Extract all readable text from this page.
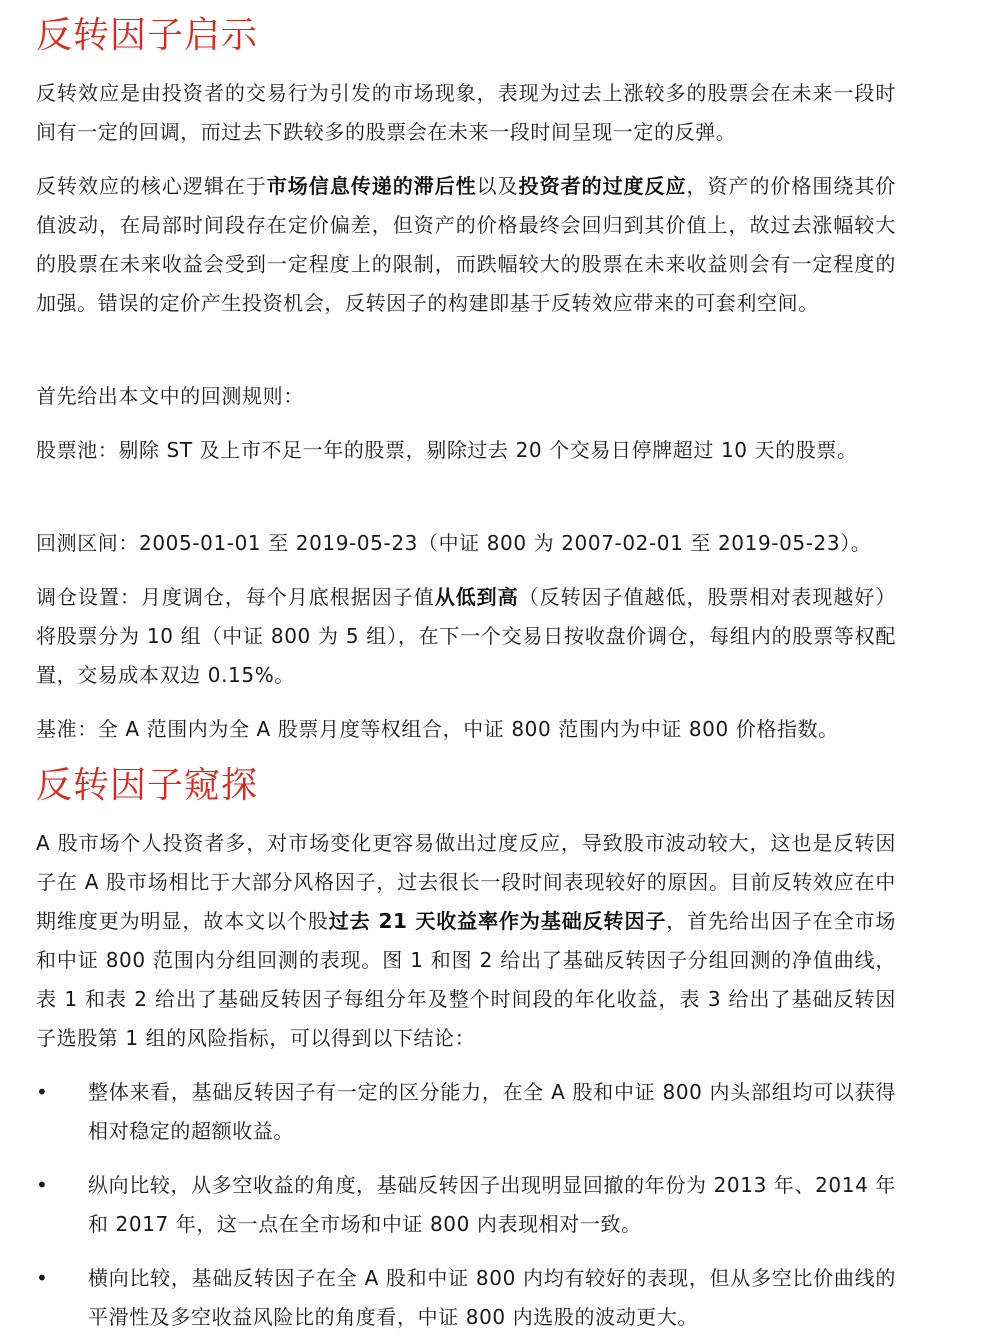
反转因子启示

反转效应是由投资者的交易行为引发的市场现象，表现为过去上涨较多的股票会在未来一段时间有一定的回调，而过去下跌较多的股票会在未来一段时间呈现一定的反弹。

反转效应的核心逻辑在于市场信息传递的滞后性以及投资者的过度反应，资产的价格围绕其价值波动，在局部时间段存在定价偏差，但资产的价格最终会回归到其价值上，故过去涨幅较大的股票在未来收益会受到一定程度上的限制，而跌幅较大的股票在未来收益则会有一定程度的加强。错误的定价产生投资机会，反转因子的构建即基于反转效应带来的可套利空间。

首先给出本文中的回测规则：

股票池：剔除 ST 及上市不足一年的股票，剔除过去 20 个交易日停牌超过 10 天的股票。

回测区间：2005-01-01 至 2019-05-23（中证 800 为 2007-02-01 至 2019-05-23）。

调仓设置：月度调仓，每个月底根据因子值从低到高（反转因子值越低，股票相对表现越好）将股票分为 10 组（中证 800 为 5 组），在下一个交易日按收盘价调仓，每组内的股票等权配置，交易成本双边 0.15%。

基准：全 A 范围内为全 A 股票月度等权组合，中证 800 范围内为中证 800 价格指数。

反转因子窥探

A 股市场个人投资者多，对市场变化更容易做出过度反应，导致股市波动较大，这也是反转因子在 A 股市场相比于大部分风格因子，过去很长一段时间表现较好的原因。目前反转效应在中期维度更为明显，故本文以个股过去 21 天收益率作为基础反转因子，首先给出因子在全市场和中证 800 范围内分组回测的表现。图 1 和图 2 给出了基础反转因子分组回测的净值曲线，表 1 和表 2 给出了基础反转因子每组分年及整个时间段的年化收益，表 3 给出了基础反转因子选股第 1 组的风险指标，可以得到以下结论：

• 整体来看，基础反转因子有一定的区分能力，在全 A 股和中证 800 内头部组均可以获得相对稳定的超额收益。
• 纵向比较，从多空收益的角度，基础反转因子出现明显回撤的年份为 2013 年、2014 年和 2017 年，这一点在全市场和中证 800 内表现相对一致。
• 横向比较，基础反转因子在全 A 股和中证 800 内均有较好的表现，但从多空比价曲线的平滑性及多空收益风险比的角度看，中证 800 内选股的波动更大。
